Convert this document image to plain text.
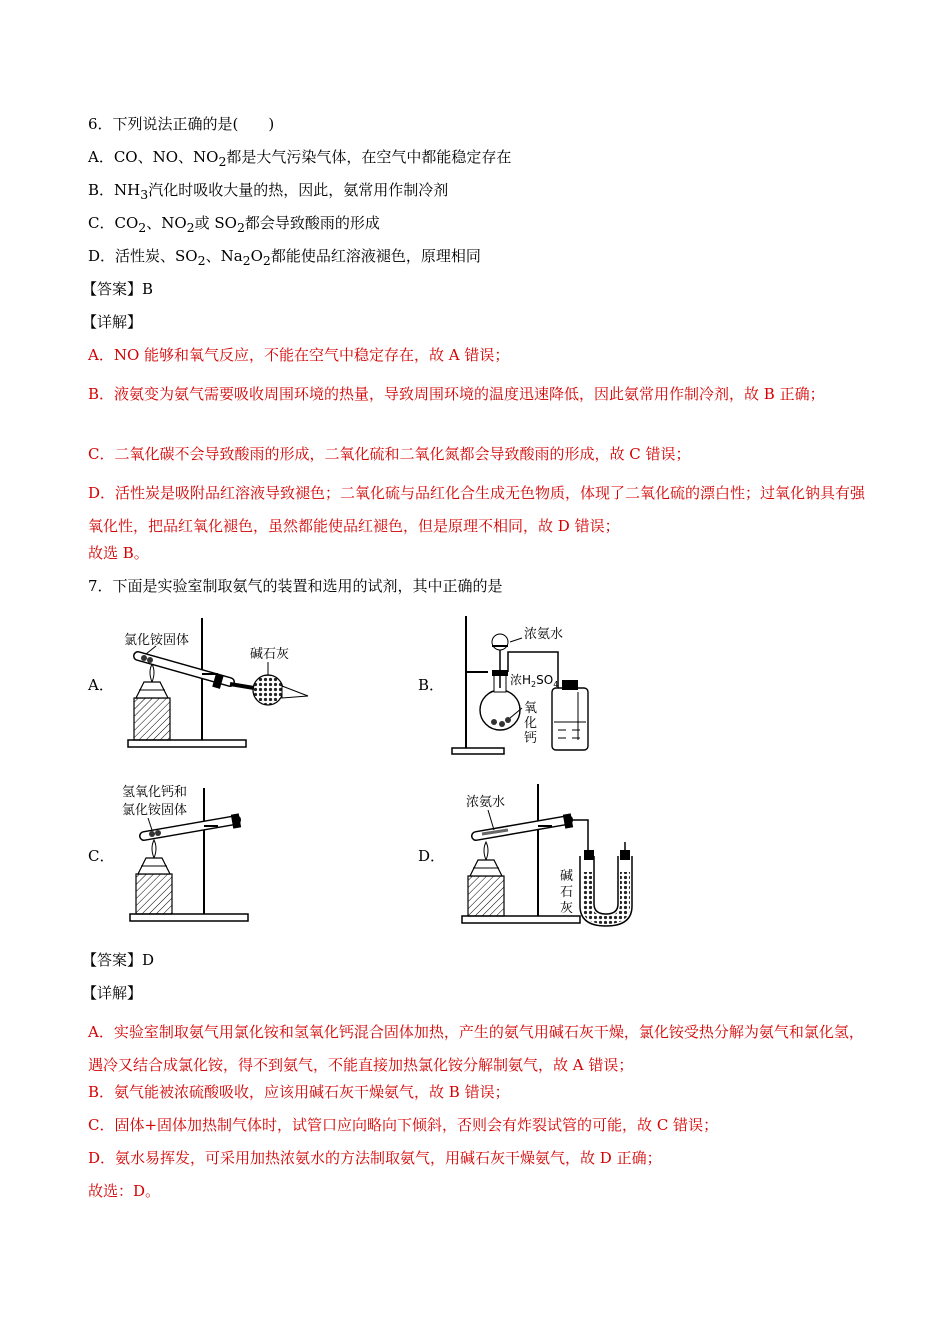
6．下列说法正确的是(　　)
A．CO、NO、$NO_2$都是大气污染气体，在空气中都能稳定存在
B．$NH_3$汽化时吸收大量的热，因此，氨常用作制冷剂
C．$CO_2$、$NO_2$或 $SO_2$都会导致酸雨的形成
D．活性炭、$SO_2$、$Na_2O_2$都能使品红溶液褪色，原理相同
【答案】B
【详解】
A．NO 能够和氧气反应，不能在空气中稳定存在，故 A 错误；
B．液氨变为氨气需要吸收周围环境的热量，导致周围环境的温度迅速降低，因此氨常用作制冷剂，故 B 正确；
C．二氧化碳不会导致酸雨的形成，二氧化硫和二氧化氮都会导致酸雨的形成，故 C 错误；
D．活性炭是吸附品红溶液导致褪色；二氧化硫与品红化合生成无色物质，体现了二氧化硫的漂白性；过氧化钠具有强氧化性，把品红氧化褪色，虽然都能使品红褪色，但是原理不相同，故 D 错误；
故选 B。
7．下面是实验室制取氨气的装置和选用的试剂，其中正确的是
A．
氯化铵固体
碱石灰
B．
浓氨水
浓$H_2SO_4$
氧
化
钙
C．
氢氧化钙和
氯化铵固体
D．
浓氨水
碱
石
灰
【答案】D
【详解】
A．实验室制取氨气用氯化铵和氢氧化钙混合固体加热，产生的氨气用碱石灰干燥，氯化铵受热分解为氨气和氯化氢，遇冷又结合成氯化铵，得不到氨气，不能直接加热氯化铵分解制氨气，故 A 错误；
B．氨气能被浓硫酸吸收，应该用碱石灰干燥氨气，故 B 错误；
C．固体+固体加热制气体时，试管口应向略向下倾斜，否则会有炸裂试管的可能，故 C 错误；
D．氨水易挥发，可采用加热浓氨水的方法制取氨气，用碱石灰干燥氨气，故 D 正确；
故选：D。
